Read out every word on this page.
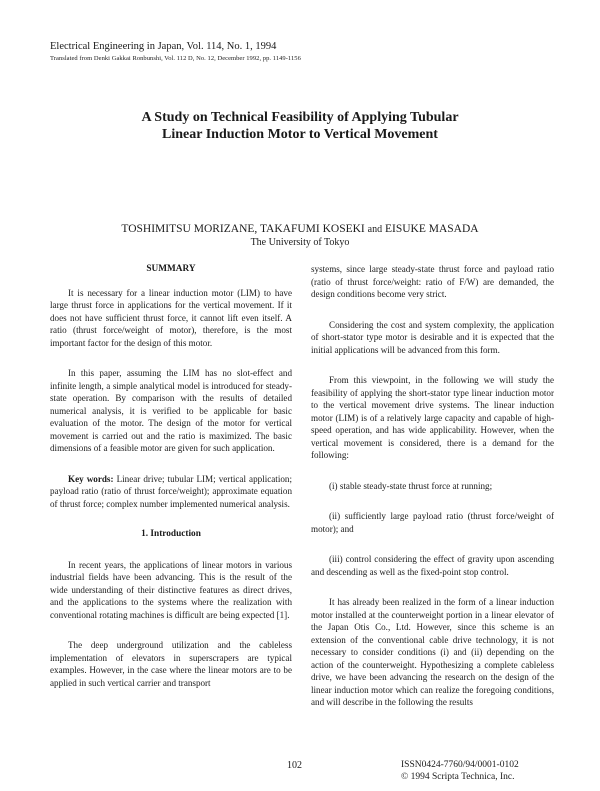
Electrical Engineering in Japan, Vol. 114, No. 1, 1994
Translated from Denki Gakkai Ronbunshi, Vol. 112 D, No. 12, December 1992, pp. 1149-1156
A Study on Technical Feasibility of Applying Tubular
Linear Induction Motor to Vertical Movement
TOSHIMITSU MORIZANE, TAKAFUMI KOSEKI and EISUKE MASADA
The University of Tokyo

SUMMARY

It is necessary for a linear induction motor (LIM) to have large thrust force in applications for the vertical movement. If it does not have sufficient thrust force, it cannot lift even itself. A ratio (thrust force/weight of motor), therefore, is the most important factor for the design of this motor.

In this paper, assuming the LIM has no slot-effect and infinite length, a simple analytical model is introduced for steady-state operation. By comparison with the results of detailed numerical analysis, it is verified to be applicable for basic evaluation of the motor. The design of the motor for vertical movement is carried out and the ratio is maximized. The basic dimensions of a feasible motor are given for such application.

Key words: Linear drive; tubular LIM; vertical application; payload ratio (ratio of thrust force/weight); approximate equation of thrust force; complex number implemented numerical analysis.

1. Introduction

In recent years, the applications of linear motors in various industrial fields have been advancing. This is the result of the wide understanding of their distinctive features as direct drives, and the applications to the systems where the realization with conventional rotating machines is difficult are being expected [1].

The deep underground utilization and the cableless implementation of elevators in superscrapers are typical examples. However, in the case where the linear motors are to be applied in such vertical carrier and transport

systems, since large steady-state thrust force and payload ratio (ratio of thrust force/weight: ratio of F/W) are demanded, the design conditions become very strict.

Considering the cost and system complexity, the application of short-stator type motor is desirable and it is expected that the initial applications will be advanced from this form.

From this viewpoint, in the following we will study the feasibility of applying the short-stator type linear induction motor to the vertical movement drive systems. The linear induction motor (LIM) is of a relatively large capacity and capable of high-speed operation, and has wide applicability. However, when the vertical movement is considered, there is a demand for the following:

(i) stable steady-state thrust force at running;

(ii) sufficiently large payload ratio (thrust force/weight of motor); and

(iii) control considering the effect of gravity upon ascending and descending as well as the fixed-point stop control.

It has already been realized in the form of a linear induction motor installed at the counterweight portion in a linear elevator of the Japan Otis Co., Ltd. However, since this scheme is an extension of the conventional cable drive technology, it is not necessary to consider conditions (i) and (ii) depending on the action of the counterweight. Hypothesizing a complete cableless drive, we have been advancing the research on the design of the linear induction motor which can realize the foregoing conditions, and will describe in the following the results

102	ISSN0424-7760/94/0001-0102
© 1994 Scripta Technica, Inc.
